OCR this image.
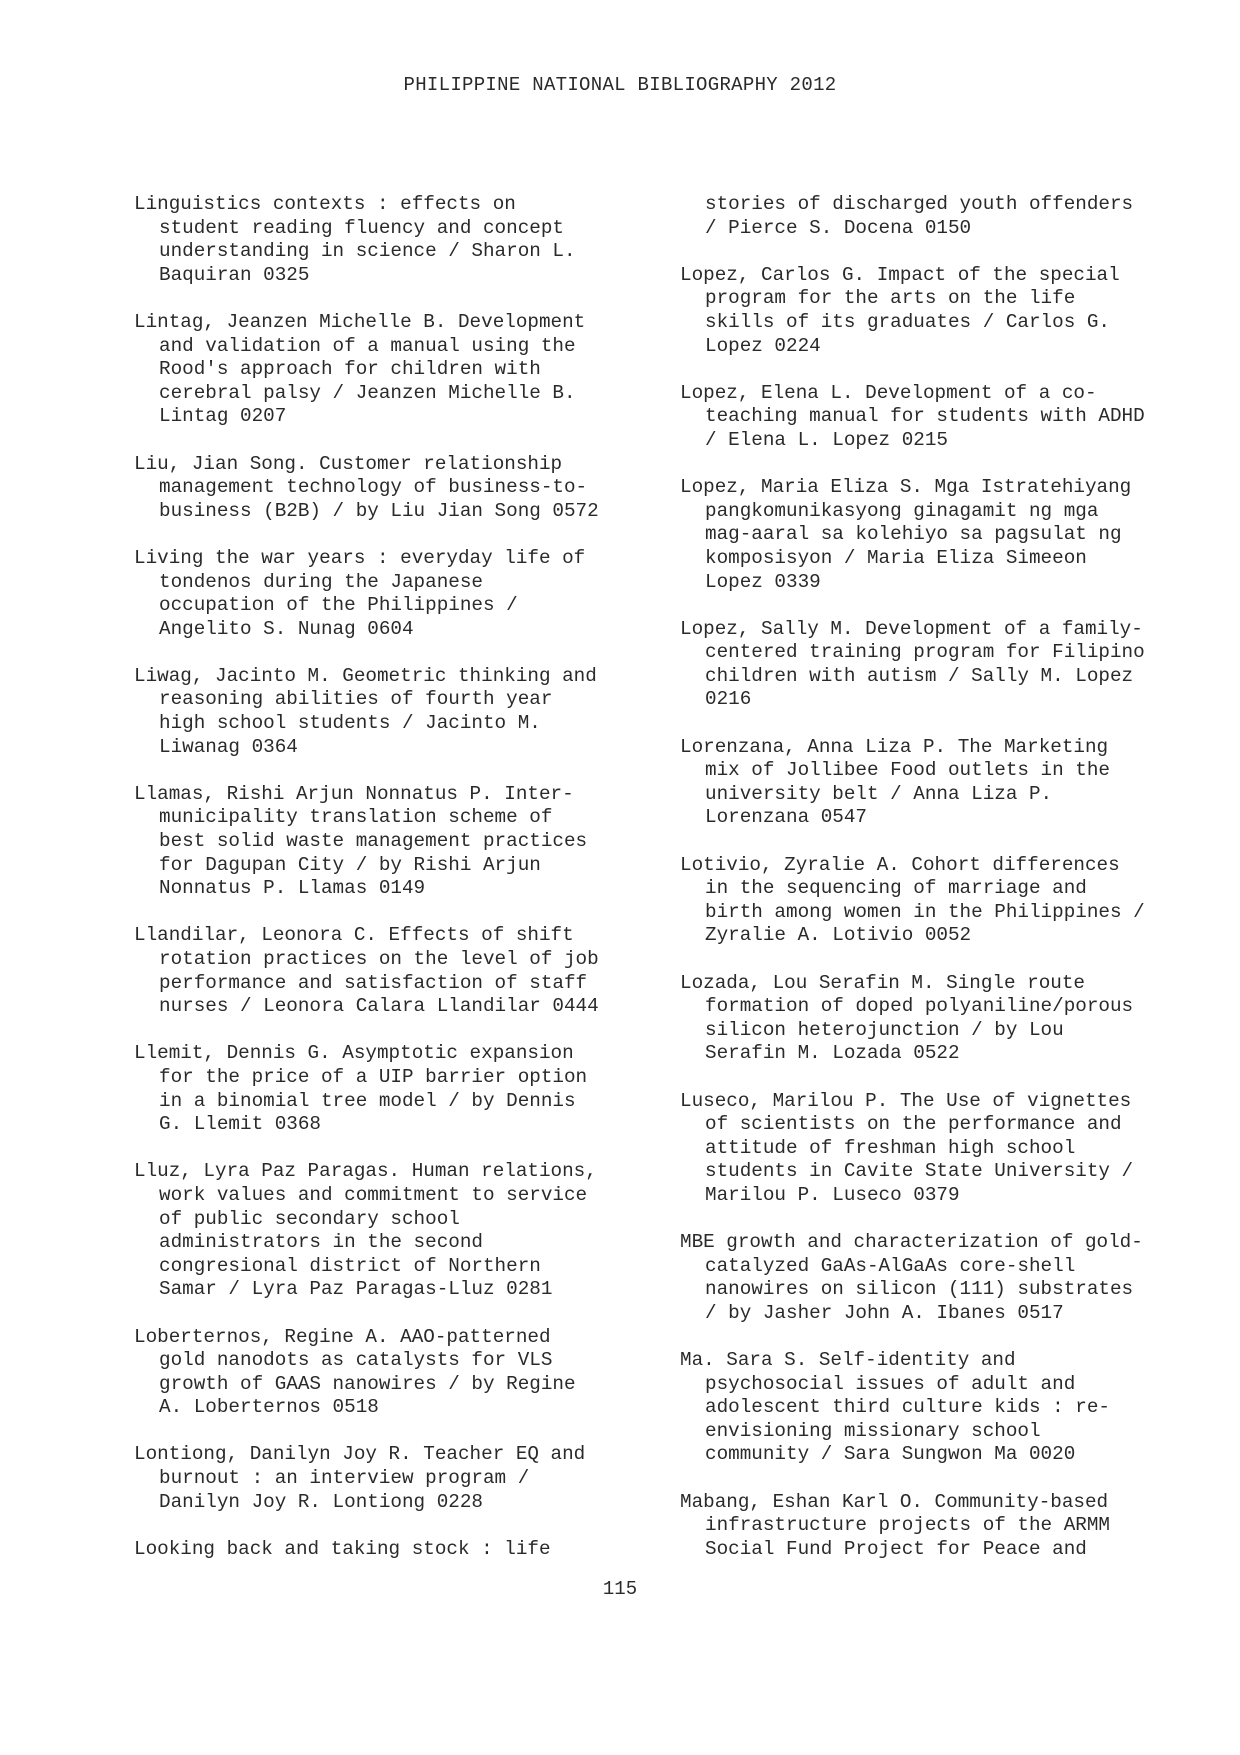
PHILIPPINE NATIONAL BIBLIOGRAPHY 2012
Linguistics contexts : effects on
student reading fluency and concept
understanding in science / Sharon L.
Baquiran 0325
Lintag, Jeanzen Michelle B. Development
and validation of a manual using the
Rood's approach for children with
cerebral palsy / Jeanzen Michelle B.
Lintag 0207
Liu, Jian Song. Customer relationship
management technology of business-to-
business (B2B) / by Liu Jian Song 0572
Living the war years : everyday life of
tondenos during the Japanese
occupation of the Philippines /
Angelito S. Nunag 0604
Liwag, Jacinto M. Geometric thinking and
reasoning abilities of fourth year
high school students / Jacinto M.
Liwanag 0364
Llamas, Rishi Arjun Nonnatus P. Inter-
municipality translation scheme of
best solid waste management practices
for Dagupan City / by Rishi Arjun
Nonnatus P. Llamas 0149
Llandilar, Leonora C. Effects of shift
rotation practices on the level of job
performance and satisfaction of staff
nurses / Leonora Calara Llandilar 0444
Llemit, Dennis G. Asymptotic expansion
for the price of a UIP barrier option
in a binomial tree model / by Dennis
G. Llemit 0368
Lluz, Lyra Paz Paragas. Human relations,
work values and commitment to service
of public secondary school
administrators in the second
congresional district of Northern
Samar / Lyra Paz Paragas-Lluz 0281
Loberternos, Regine A. AAO-patterned
gold nanodots as catalysts for VLS
growth of GAAS nanowires / by Regine
A. Loberternos 0518
Lontiong, Danilyn Joy R. Teacher EQ and
burnout : an interview program /
Danilyn Joy R. Lontiong 0228
Looking back and taking stock : life
stories of discharged youth offenders
/ Pierce S. Docena 0150
Lopez, Carlos G. Impact of the special
program for the arts on the life
skills of its graduates / Carlos G.
Lopez 0224
Lopez, Elena L. Development of a co-
teaching manual for students with ADHD
/ Elena L. Lopez 0215
Lopez, Maria Eliza S. Mga Istratehiyang
pangkomunikasyong ginagamit ng mga
mag-aaral sa kolehiyo sa pagsulat ng
komposisyon / Maria Eliza Simeeon
Lopez 0339
Lopez, Sally M. Development of a family-
centered training program for Filipino
children with autism / Sally M. Lopez
0216
Lorenzana, Anna Liza P. The Marketing
mix of Jollibee Food outlets in the
university belt / Anna Liza P.
Lorenzana 0547
Lotivio, Zyralie A. Cohort differences
in the sequencing of marriage and
birth among women in the Philippines /
Zyralie A. Lotivio 0052
Lozada, Lou Serafin M. Single route
formation of doped polyaniline/porous
silicon heterojunction / by Lou
Serafin M. Lozada 0522
Luseco, Marilou P. The Use of vignettes
of scientists on the performance and
attitude of freshman high school
students in Cavite State University /
Marilou P. Luseco 0379
MBE growth and characterization of gold-
catalyzed GaAs-AlGaAs core-shell
nanowires on silicon (111) substrates
/ by Jasher John A. Ibanes 0517
Ma. Sara S. Self-identity and
psychosocial issues of adult and
adolescent third culture kids : re-
envisioning missionary school
community / Sara Sungwon Ma 0020
Mabang, Eshan Karl O. Community-based
infrastructure projects of the ARMM
Social Fund Project for Peace and
115
